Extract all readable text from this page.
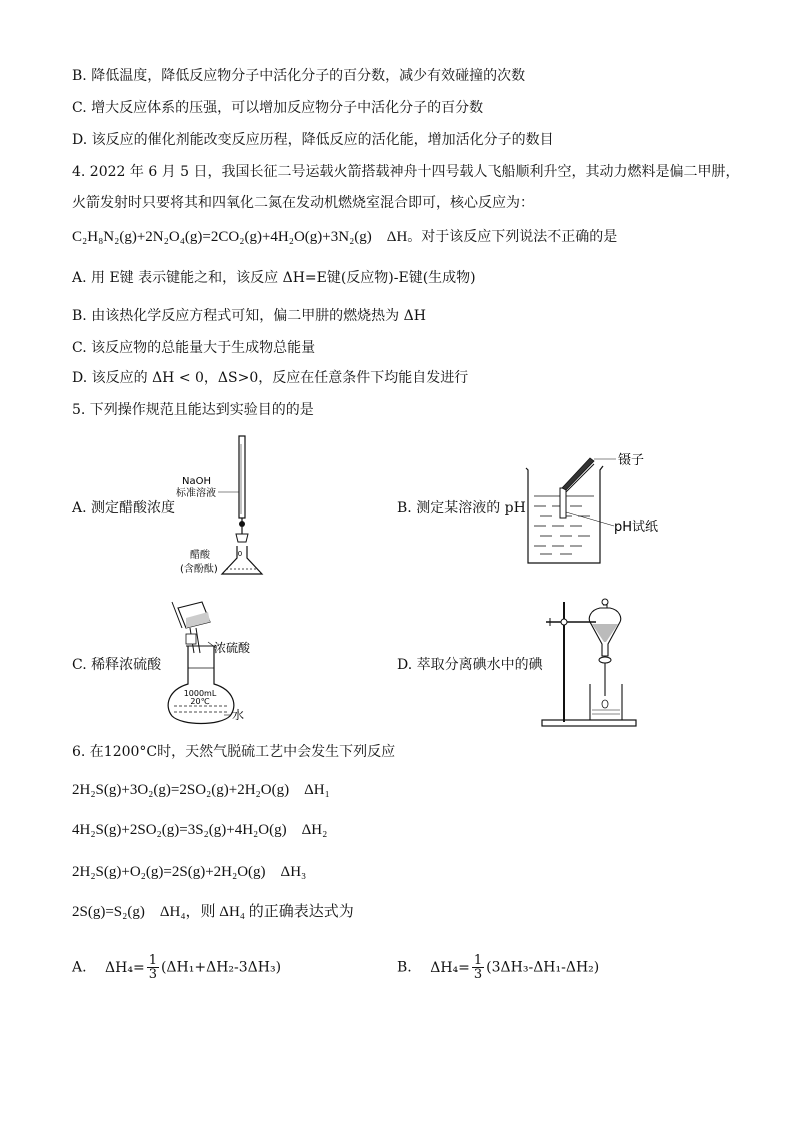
B. 降低温度，降低反应物分子中活化分子的百分数，减少有效碰撞的次数
C. 增大反应体系的压强，可以增加反应物分子中活化分子的百分数
D. 该反应的催化剂能改变反应历程，降低反应的活化能，增加活化分子的数目
4. 2022 年 6 月 5 日，我国长征二号运载火箭搭载神舟十四号载人飞船顺利升空，其动力燃料是偏二甲肼，
火箭发射时只要将其和四氧化二氮在发动机燃烧室混合即可，核心反应为：
C₂H₈N₂(g)+2N₂O₄(g)=2CO₂(g)+4H₂O(g)+3N₂(g)　ΔH。对于该反应下列说法不正确的是
A. 用 E键 表示键能之和，该反应 ΔH=E键(反应物)-E键(生成物)
B. 由该热化学反应方程式可知，偏二甲肼的燃烧热为 ΔH
C. 该反应物的总能量大于生成物总能量
D. 该反应的 ΔH < 0，ΔS>0，反应在任意条件下均能自发进行
5. 下列操作规范且能达到实验目的的是
A. 测定醋酸浓度	B. 测定某溶液的 pH
C. 稀释浓硫酸	D. 萃取分离碘水中的碘
0
NaOH
标准溶液
醋酸
(含酚酞)
镊子
pH试纸
1000mL
20℃
浓硫酸
水
6. 在1200°C时，天然气脱硫工艺中会发生下列反应
2H₂S(g)+3O₂(g)=2SO₂(g)+2H₂O(g)　ΔH₁
4H₂S(g)+2SO₂(g)=3S₂(g)+4H₂O(g)　ΔH₂
2H₂S(g)+O₂(g)=2S(g)+2H₂O(g)　ΔH₃
2S(g)=S₂(g)　ΔH₄，则 ΔH₄ 的正确表达式为
A. $\Delta H_4= \frac{1}{3} (\Delta H_1+\Delta H_2-3\Delta H_3)$	B. $\Delta H_4= \frac{1}{3} (3\Delta H_3-\Delta H_1-\Delta H_2)$
